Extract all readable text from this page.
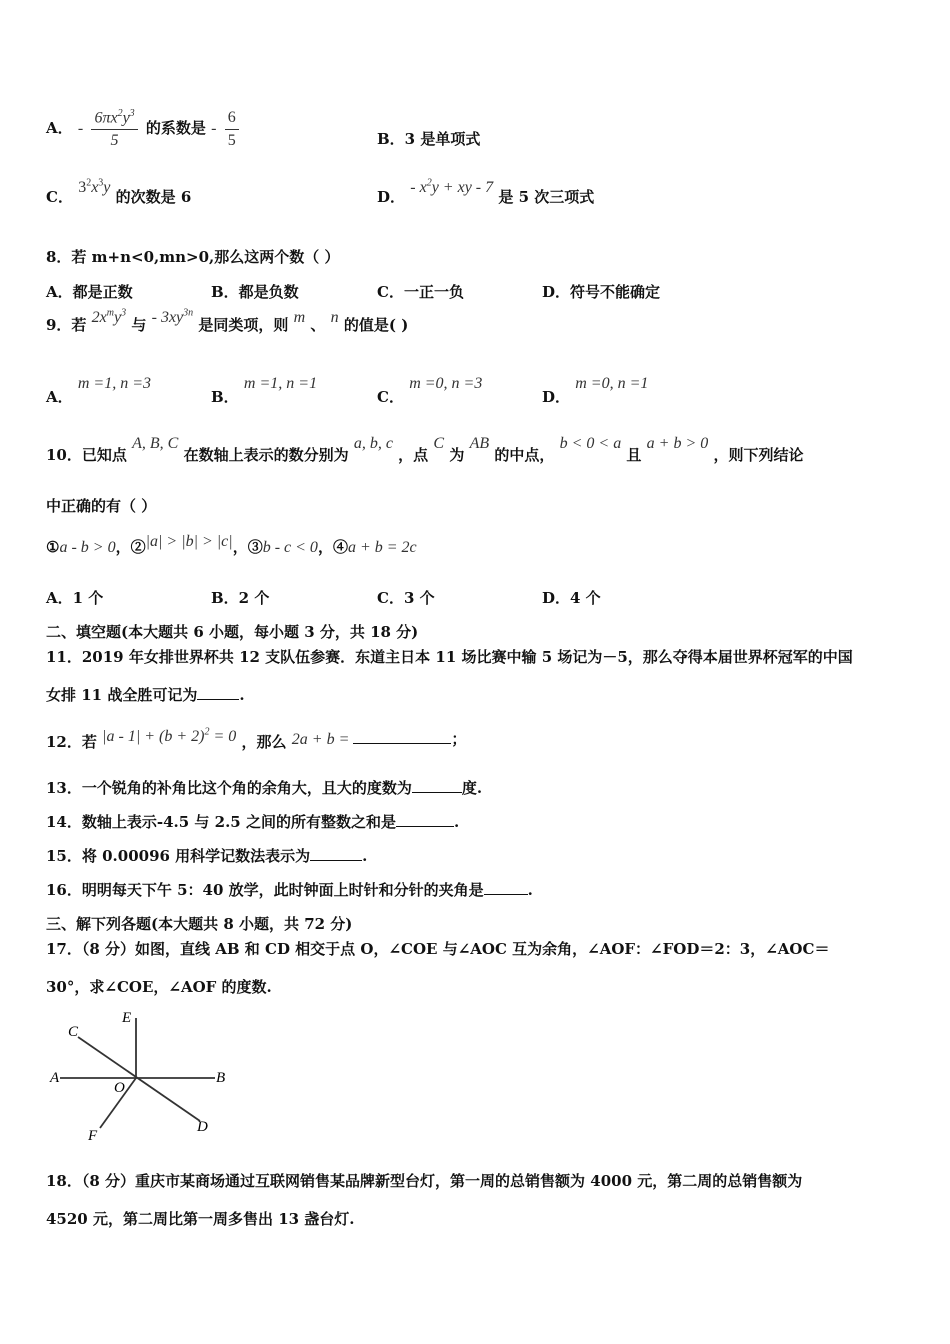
A． - $\frac{6\pi x^2y^3}{5}$ 的系数是 - $\frac{6}{5}$	B．3 是单项式
C． $3^2x^3y$ 的次数是 6	D． - $x^2y$ + xy - 7 是 5 次三项式
8．若 m+n<0,mn>0,那么这两个数（ ）
A．都是正数	B．都是负数	C．一正一负	D．符号不能确定
9．若 $2x^my^3$ 与 - $3xy^{3n}$ 是同类项，则 m 、 n 的值是( )
A． m =1, n =3
B． m =1, n =1
C． m =0, n =3
D． m =0, n =1
10．已知点 A, B, C 在数轴上表示的数分别为 a, b, c ，点 C 为 AB 的中点， b < 0 < a 且 a + b > 0 ，则下列结论
中正确的有（ ）
①a - b > 0，②|a| > |b| > |c|，③b - c < 0，④a + b = 2c
A．1 个	B．2 个	C．3 个	D．4 个
二、填空题(本大题共 6 小题，每小题 3 分，共 18 分)
11．2019 年女排世界杯共 12 支队伍参赛．东道主日本 11 场比赛中输 5 场记为－5，那么夺得本届世界杯冠军的中国
女排 11 战全胜可记为	.
12．若 $|a - 1| + (b + 2)^2 = 0$ ，那么 2a + b =	；
13．一个锐角的补角比这个角的余角大，且大的度数为	度.
14．数轴上表示-4.5 与 2.5 之间的所有整数之和是	.
15．将 0.00096 用科学记数法表示为	.
16．明明每天下午 5：40 放学，此时钟面上时针和分针的夹角是	.
三、解下列各题(本大题共 8 小题，共 72 分)
17．（8 分）如图，直线 AB 和 CD 相交于点 O，∠COE 与∠AOC 互为余角，∠AOF：∠FOD＝2：3，∠AOC＝
30°，求∠COE，∠AOF 的度数.
A	B
C
D
E
F
O
18．（8 分）重庆市某商场通过互联网销售某品牌新型台灯，第一周的总销售额为 4000 元，第二周的总销售额为
4520 元，第二周比第一周多售出 13 盏台灯.
